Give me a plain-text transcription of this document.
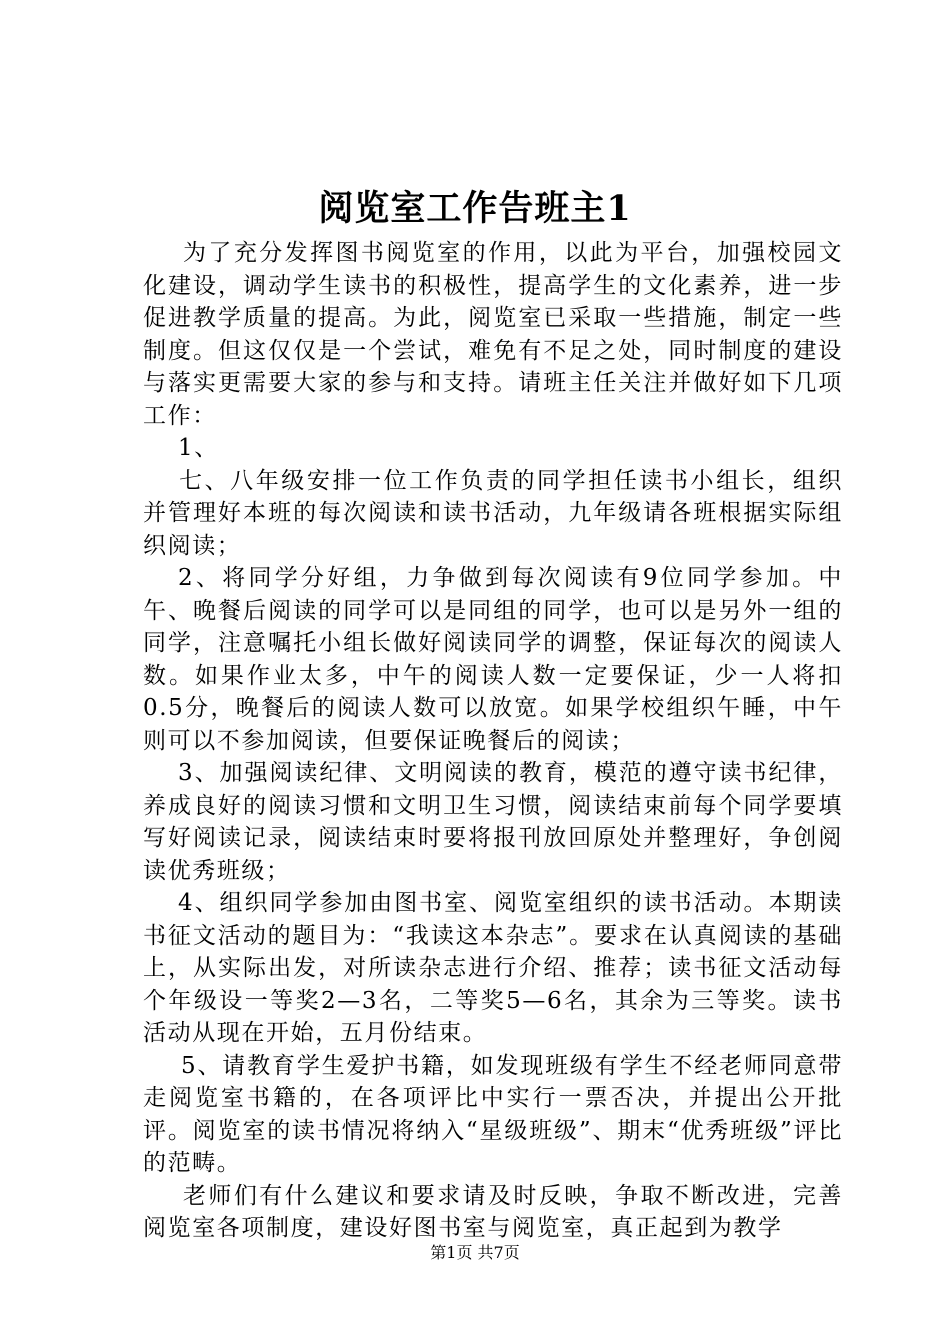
阅览室工作告班主1

为了充分发挥图书阅览室的作用，以此为平台，加强校园文化建设，调动学生读书的积极性，提高学生的文化素养，进一步促进教学质量的提高。为此，阅览室已采取一些措施，制定一些制度。但这仅仅是一个尝试，难免有不足之处，同时制度的建设与落实更需要大家的参与和支持。请班主任关注并做好如下几项工作：

1、

七、八年级安排一位工作负责的同学担任读书小组长，组织并管理好本班的每次阅读和读书活动，九年级请各班根据实际组织阅读；

2、将同学分好组，力争做到每次阅读有9位同学参加。中午、晚餐后阅读的同学可以是同组的同学，也可以是另外一组的同学，注意嘱托小组长做好阅读同学的调整，保证每次的阅读人数。如果作业太多，中午的阅读人数一定要保证，少一人将扣0.5分，晚餐后的阅读人数可以放宽。如果学校组织午睡，中午则可以不参加阅读，但要保证晚餐后的阅读；

3、加强阅读纪律、文明阅读的教育，模范的遵守读书纪律，养成良好的阅读习惯和文明卫生习惯，阅读结束前每个同学要填写好阅读记录，阅读结束时要将报刊放回原处并整理好，争创阅读优秀班级；

4、组织同学参加由图书室、阅览室组织的读书活动。本期读书征文活动的题目为：“我读这本杂志”。要求在认真阅读的基础上，从实际出发，对所读杂志进行介绍、推荐；读书征文活动每个年级设一等奖2—3名，二等奖5—6名，其余为三等奖。读书活动从现在开始，五月份结束。

5、请教育学生爱护书籍，如发现班级有学生不经老师同意带走阅览室书籍的，在各项评比中实行一票否决，并提出公开批评。阅览室的读书情况将纳入“星级班级”、期末“优秀班级”评比的范畴。

老师们有什么建议和要求请及时反映，争取不断改进，完善阅览室各项制度，建设好图书室与阅览室，真正起到为教学

第1页 共7页
